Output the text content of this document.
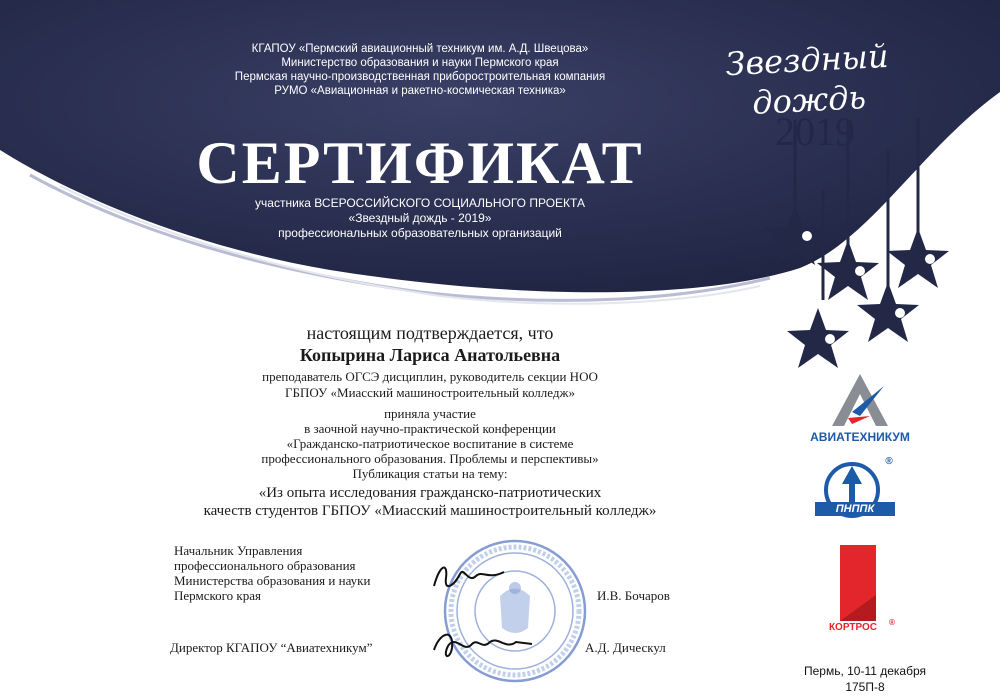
КГАПОУ «Пермский авиационный техникум им. А.Д. Швецова»
Министерство образования и науки Пермского края
Пермская научно-производственная приборостроительная компания
РУМО «Авиационная и ракетно-космическая техника»
Звездный дождь
2019
СЕРТИФИКАТ
участника ВСЕРОССИЙСКОГО СОЦИАЛЬНОГО ПРОЕКТА
«Звездный дождь - 2019»
профессиональных образовательных организаций
настоящим подтверждается, что
Копырина Лариса Анатольевна
преподаватель ОГСЭ дисциплин, руководитель секции НОО
ГБПОУ «Миасский машиностроительный колледж»
приняла участие
в заочной научно-практической конференции
«Гражданско-патриотическое воспитание в системе
профессионального образования. Проблемы и перспективы»
Публикация статьи на тему:
«Из опыта исследования гражданско-патриотических
качеств студентов ГБПОУ «Миасский машиностроительный колледж»
Начальник Управления
профессионального образования
Министерства образования и науки
Пермского края	И.В. Бочаров
Директор КГАПОУ “Авиатехникум”	А.Д. Дическул
АВИАТЕХНИКУМ
ПНППК
®
КОРТРОС	®
Пермь, 10-11 декабря
175П-8
